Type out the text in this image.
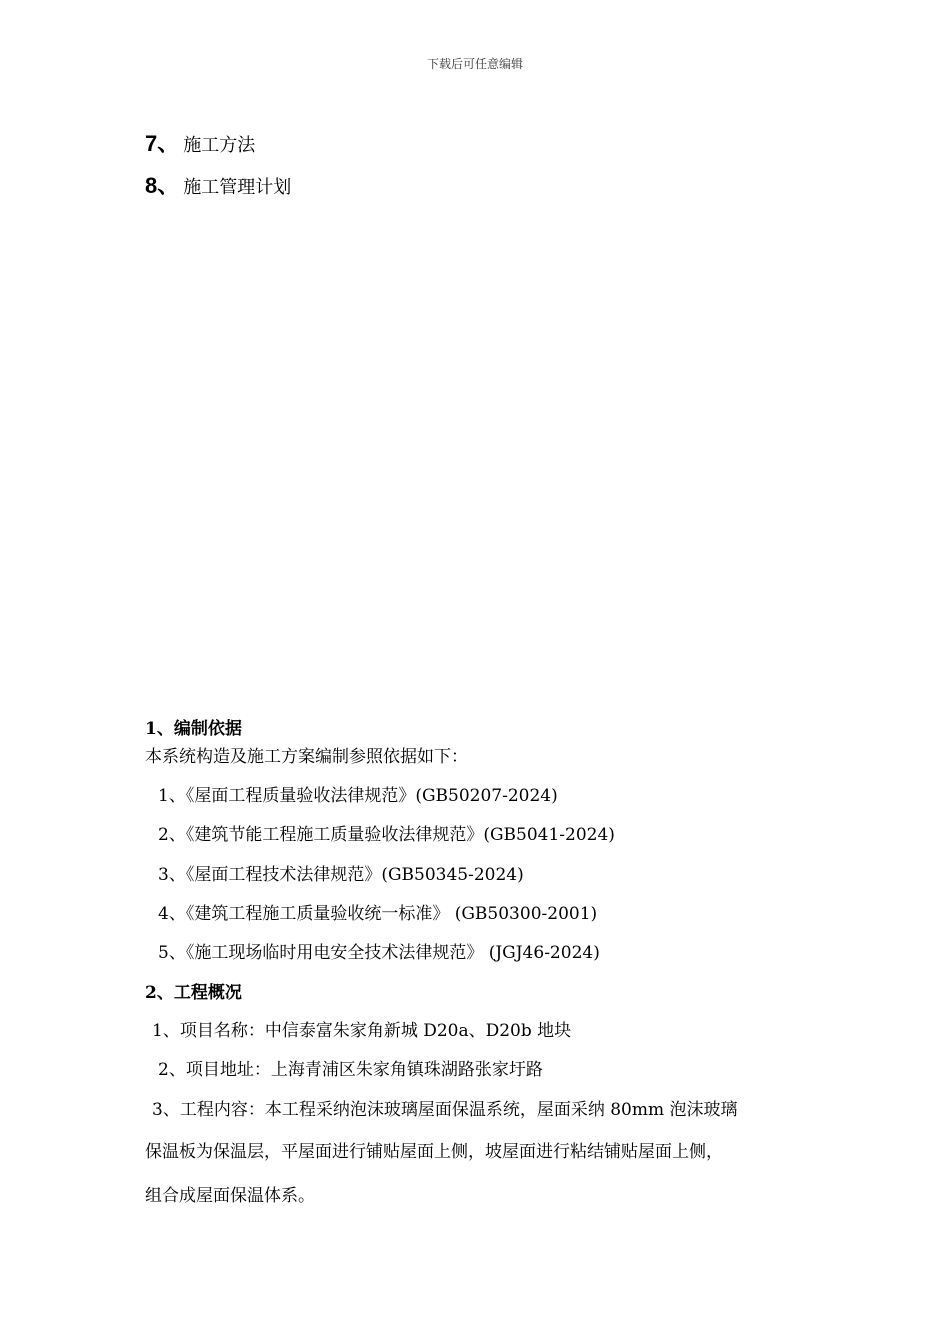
下载后可任意编辑
7、 施工方法
8、 施工管理计划
1、编制依据
本系统构造及施工方案编制参照依据如下：
1、《屋面工程质量验收法律规范》(GB50207-2024)
2、《建筑节能工程施工质量验收法律规范》(GB5041-2024)
3、《屋面工程技术法律规范》(GB50345-2024)
4、《建筑工程施工质量验收统一标准》 (GB50300-2001)
5、《施工现场临时用电安全技术法律规范》 (JGJ46-2024)
2、工程概况
1、项目名称：中信泰富朱家角新城 D20a、D20b 地块
2、项目地址：上海青浦区朱家角镇珠湖路张家圩路
3、工程内容：本工程采纳泡沫玻璃屋面保温系统，屋面采纳 80mm 泡沫玻璃
保温板为保温层，平屋面进行铺贴屋面上侧，坡屋面进行粘结铺贴屋面上侧，
组合成屋面保温体系。
